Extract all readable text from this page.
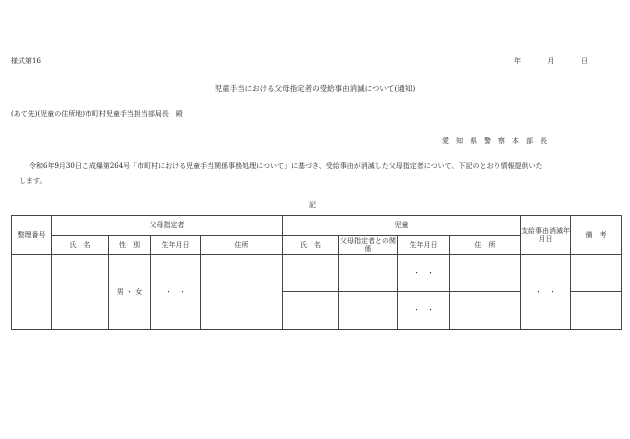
様式第16	年	月	日
児童手当における父母指定者の受給事由消滅について(通知)
(あて先)(児童の住所地)市町村児童手当担当部局長　殿
愛　知　県　警　察　本　部　長
令和6年9月30日こ成爆第264号「市町村における児童手当関係事務処理について」に基づき、受給事由が消滅した父母指定者について、下記のとおり情報提供いた
します。
記
整理番号	父母指定者				児童				支給事由消滅年月日	備　考
	氏　名	性　別	生年月日	住所	氏　名	父母指定者との関　係	生年月日	住　所		
		男 ・ 女	・　・				・　・		・　・	
							・　・			
